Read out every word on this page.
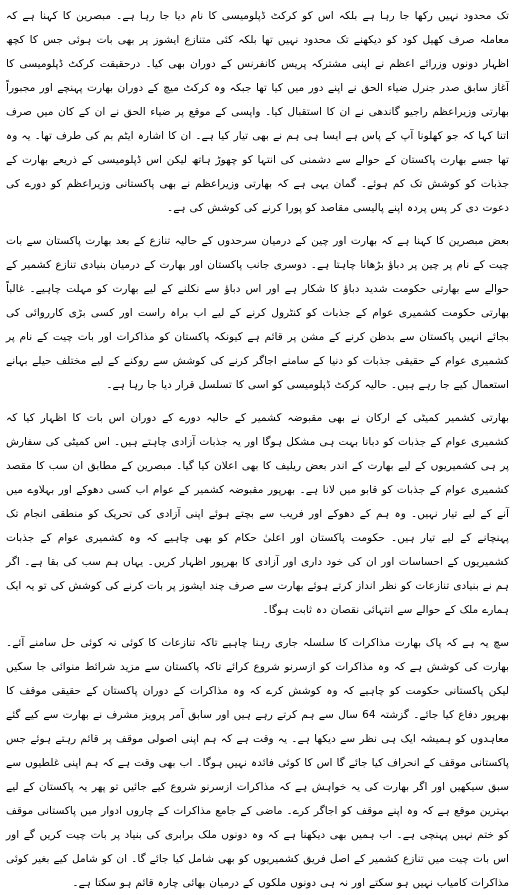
تک محدود نہیں رکھا جا رہا ہے بلکہ اس کو کرکٹ ڈپلومیسی کا نام دیا جا رہا ہے۔ مبصرین کا کہنا ہے کہ معاملہ صرف کھیل کود کو دیکھنے تک محدود نہیں تھا بلکہ کئی متنازع ایشوز پر بھی بات ہوئی جس کا کچھ اظہار دونوں وزرائے اعظم نے اپنی مشترکہ پریس کانفرنس کے دوران بھی کیا۔ درحقیقت کرکٹ ڈپلومیسی کا آغاز سابق صدر جنرل ضیاء الحق نے اپنے دور میں کیا تھا جبکہ وہ کرکٹ میچ کے دوران بھارت پہنچے اور مجبوراً بھارتی وزیراعظم راجیو گاندھی نے ان کا استقبال کیا۔ واپسی کے موقع پر ضیاء الحق نے ان کے کان میں صرف اتنا کہا کہ جو کھلونا آپ کے پاس ہے ایسا ہی ہم نے بھی تیار کیا ہے۔ ان کا اشارہ ایٹم بم کی طرف تھا۔ یہ وہ تھا جسے بھارت پاکستان کے حوالے سے دشمنی کی انتہا کو چھوڑ ہاتھ لیکن اس ڈپلومیسی کے ذریعے بھارت کے جذبات کو کوشش تک کم ہوئے۔ گمان یہی ہے کہ بھارتی وزیراعظم نے بھی پاکستانی وزیراعظم کو دورے کی دعوت دی کر پس پردہ اپنے پالیسی مقاصد کو پورا کرنے کی کوشش کی ہے۔

بعض مبصرین کا کہنا ہے کہ بھارت اور چین کے درمیان سرحدوں کے حالیہ تنازع کے بعد بھارت پاکستان سے بات چیت کے نام پر چین پر دباؤ بڑھانا چاہتا ہے۔ دوسری جانب پاکستان اور بھارت کے درمیان بنیادی تنازع کشمیر کے حوالے سے بھارتی حکومت شدید دباؤ کا شکار ہے اور اس دباؤ سے نکلنے کے لیے بھارت کو مہلت چاہیے۔ غالباً بھارتی حکومت کشمیری عوام کے جذبات کو کنٹرول کرنے کے لیے اب براہ راست اور کسی بڑی کارروائی کی بجائے انہیں پاکستان سے بدظن کرنے کے مشن پر قائم ہے کیونکہ پاکستان کو مذاکرات اور بات چیت کے نام پر کشمیری عوام کے حقیقی جذبات کو دنیا کے سامنے اجاگر کرنے کی کوشش سے روکنے کے لیے مختلف حیلے بہانے استعمال کیے جا رہے ہیں۔ حالیہ کرکٹ ڈپلومیسی کو اسی کا تسلسل قرار دیا جا رہا ہے۔

بھارتی کشمیر کمیٹی کے ارکان نے بھی مقبوضہ کشمیر کے حالیہ دورے کے دوران اس بات کا اظہار کیا کہ کشمیری عوام کے جذبات کو دبانا بہت ہی مشکل ہوگا اور یہ جذبات آزادی چاہتے ہیں۔ اس کمیٹی کی سفارش پر ہی کشمیریوں کے لیے بھارت کے اندر بعض ریلیف کا بھی اعلان کیا گیا۔ مبصرین کے مطابق ان سب کا مقصد کشمیری عوام کے جذبات کو قابو میں لانا ہے۔ بھرپور مقبوضہ کشمیر کے عوام اب کسی دھوکے اور بہلاوے میں آنے کے لیے تیار نہیں۔ وہ ہم کے دھوکے اور فریب سے بچتے ہوئے اپنی آزادی کی تحریک کو منطقی انجام تک پہنچانے کے لیے تیار ہیں۔ حکومت پاکستان اور اعلیٰ حکام کو بھی چاہیے کہ وہ کشمیری عوام کے جذبات کشمیریوں کے احساسات اور ان کی خود داری اور آزادی کا بھرپور اظہار کریں۔ یہاں ہم سب کی بقا ہے۔ اگر ہم نے بنیادی تنازعات کو نظر انداز کرتے ہوئے بھارت سے صرف چند ایشوز پر بات کرنے کی کوشش کی تو یہ ایک ہمارے ملک کے حوالے سے انتہائی نقصان دہ ثابت ہوگا۔

سچ یہ ہے کہ پاک بھارت مذاکرات کا سلسلہ جاری رہنا چاہیے تاکہ تنازعات کا کوئی نہ کوئی حل سامنے آئے۔ بھارت کی کوشش ہے کہ وہ مذاکرات کو ازسرنو شروع کرائے تاکہ پاکستان سے مزید شرائط منوائی جا سکیں لیکن پاکستانی حکومت کو چاہیے کہ وہ کوشش کرے کہ وہ مذاکرات کے دوران پاکستان کے حقیقی موقف کا بھرپور دفاع کیا جائے۔ گزشتہ 64 سال سے ہم کرتے رہے ہیں اور سابق آمر پرویز مشرف نے بھارت سے کیے گئے معاہدوں کو ہمیشہ ایک ہی نظر سے دیکھا ہے۔ یہ وقت ہے کہ ہم اپنی اصولی موقف پر قائم رہتے ہوئے جس پاکستانی موقف کے انحراف کیا جائے گا اس کا کوئی فائدہ نہیں ہوگا۔ اب بھی وقت ہے کہ ہم اپنی غلطیوں سے سبق سیکھیں اور اگر بھارت کی یہ خواہش ہے کہ مذاکرات ازسرنو شروع کیے جائیں تو پھر یہ پاکستان کے لیے بہترین موقع ہے کہ وہ اپنے موقف کو اجاگر کرے۔ ماضی کے جامع مذاکرات کے چاروں ادوار میں پاکستانی موقف کو ختم نہیں پہنچی ہے۔ اب ہمیں بھی دیکھنا ہے کہ وہ دونوں ملک برابری کی بنیاد پر بات چیت کریں گے اور اس بات چیت میں تنازع کشمیر کے اصل فریق کشمیریوں کو بھی شامل کیا جائے گا۔ ان کو شامل کیے بغیر کوئی مذاکرات کامیاب نہیں ہو سکتے اور نہ ہی دونوں ملکوں کے درمیان بھائی چارہ قائم ہو سکتا ہے۔
